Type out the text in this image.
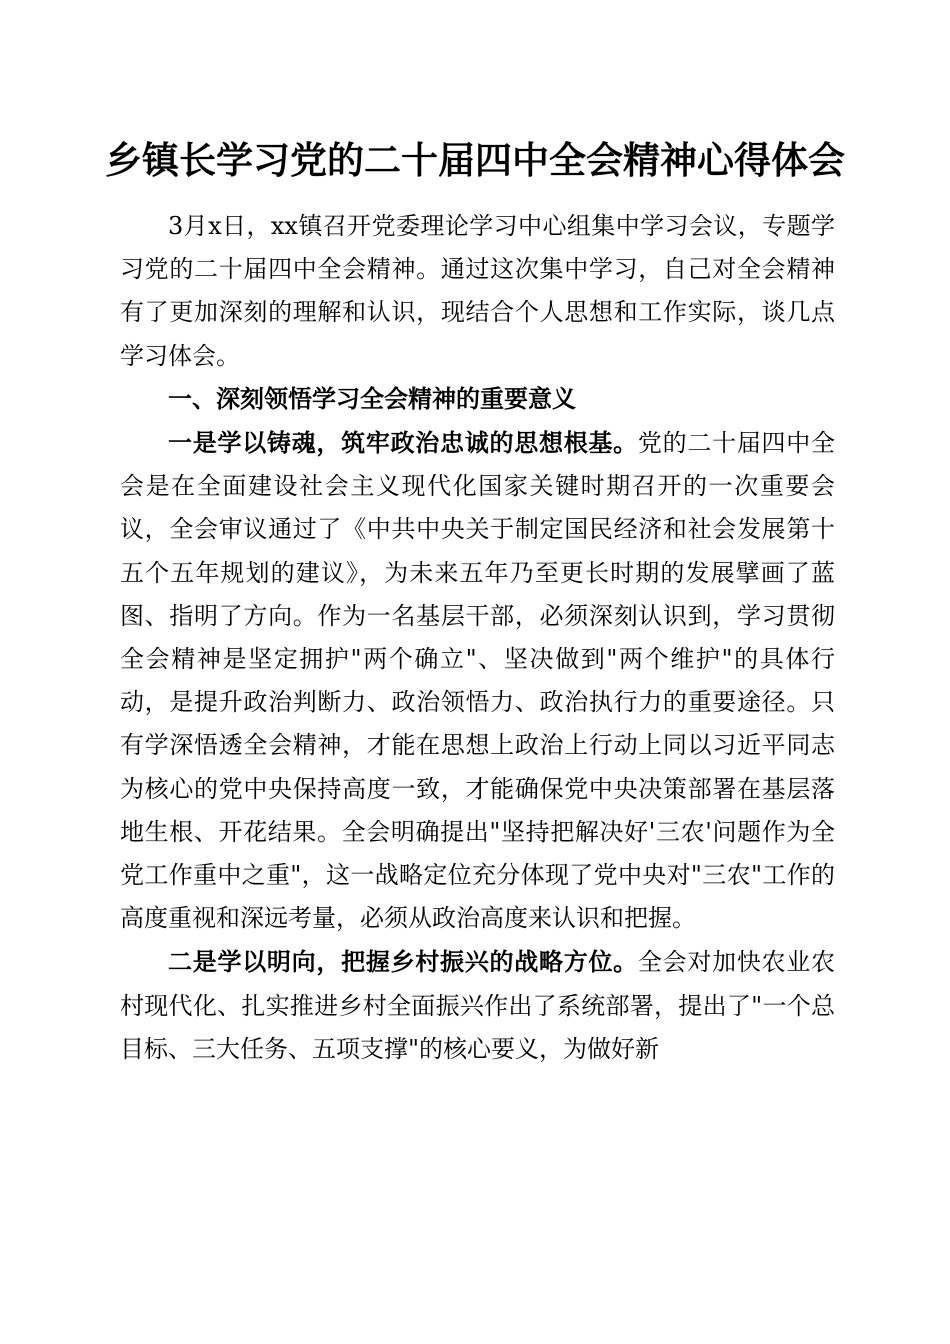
乡镇长学习党的二十届四中全会精神心得体会

3月x日，xx镇召开党委理论学习中心组集中学习会议，专题学习党的二十届四中全会精神。通过这次集中学习，自己对全会精神有了更加深刻的理解和认识，现结合个人思想和工作实际，谈几点学习体会。

一、深刻领悟学习全会精神的重要意义

一是学以铸魂，筑牢政治忠诚的思想根基。党的二十届四中全会是在全面建设社会主义现代化国家关键时期召开的一次重要会议，全会审议通过了《中共中央关于制定国民经济和社会发展第十五个五年规划的建议》，为未来五年乃至更长时期的发展擘画了蓝图、指明了方向。作为一名基层干部，必须深刻认识到，学习贯彻全会精神是坚定拥护"两个确立"、坚决做到"两个维护"的具体行动，是提升政治判断力、政治领悟力、政治执行力的重要途径。只有学深悟透全会精神，才能在思想上政治上行动上同以习近平同志为核心的党中央保持高度一致，才能确保党中央决策部署在基层落地生根、开花结果。全会明确提出"坚持把解决好'三农'问题作为全党工作重中之重"，这一战略定位充分体现了党中央对"三农"工作的高度重视和深远考量，必须从政治高度来认识和把握。

二是学以明向，把握乡村振兴的战略方位。全会对加快农业农村现代化、扎实推进乡村全面振兴作出了系统部署，提出了"一个总目标、三大任务、五项支撑"的核心要义，为做好新
